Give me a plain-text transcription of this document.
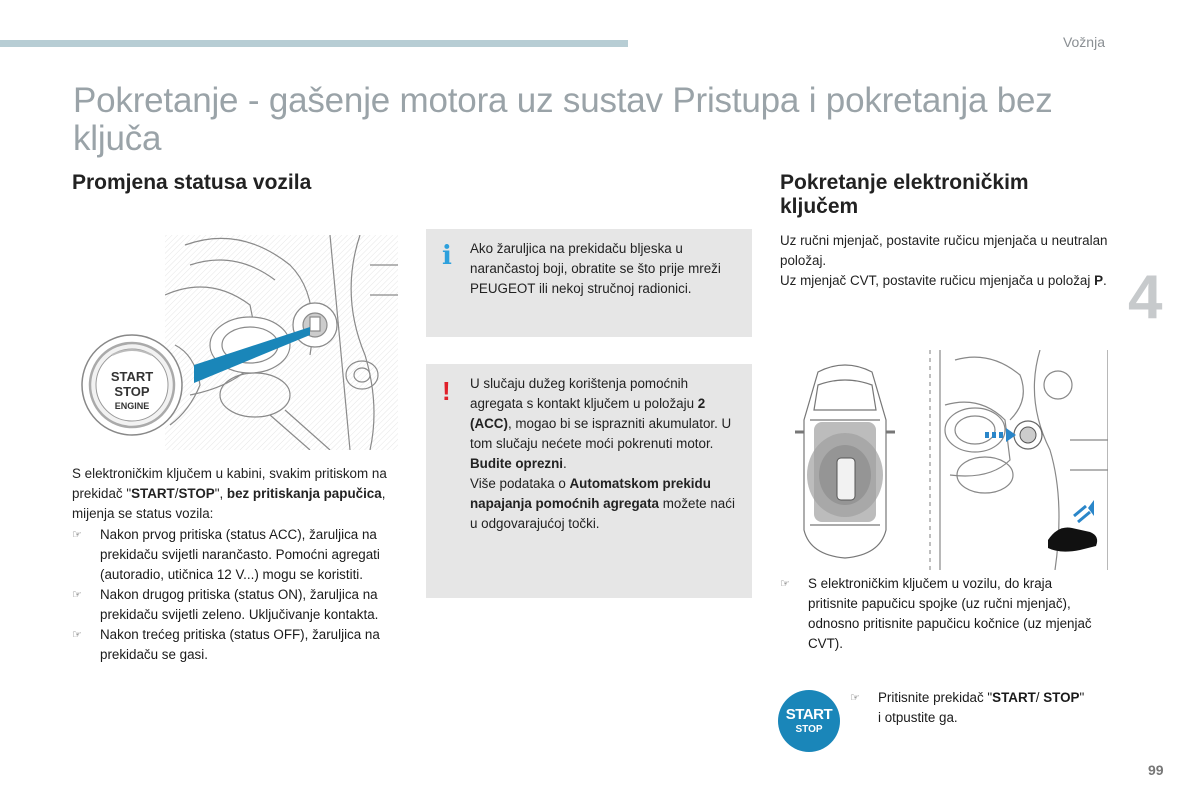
Vožnja
Pokretanje - gašenje motora uz sustav Pristupa i pokretanja bez ključa
4
Promjena statusa vozila
START
STOP
ENGINE

S elektroničkim ključem u kabini, svakim pritiskom na prekidač "START/STOP", bez pritiskanja papučica, mijenja se status vozila:

☞	Nakon prvog pritiska (status ACC), žaruljica na prekidaču svijetli narančasto. Pomoćni agregati (autoradio, utičnica 12 V...) mogu se koristiti.
☞	Nakon drugog pritiska (status ON), žaruljica na prekidaču svijetli zeleno. Uključivanje kontakta.
☞	Nakon trećeg pritiska (status OFF), žaruljica na prekidaču se gasi.
i Ako žaruljica na prekidaču bljeska u narančastoj boji, obratite se što prije mreži PEUGEOT ili nekoj stručnoj radionici.

! U slučaju dužeg korištenja pomoćnih agregata s kontakt ključem u položaju 2 (ACC), mogao bi se isprazniti akumulator. U tom slučaju nećete moći pokrenuti motor. Budite oprezni.
Više podataka o Automatskom prekidu napajanja pomoćnih agregata možete naći u odgovarajućoj točki.

Pokretanje elektroničkim ključem

Uz ručni mjenjač, postavite ručicu mjenjača u neutralan položaj.
Uz mjenjač CVT, postavite ručicu mjenjača u položaj P.

☞	S elektroničkim ključem u vozilu, do kraja pritisnite papučicu spojke (uz ručni mjenjač), odnosno pritisnite papučicu kočnice (uz mjenjač CVT).
START
STOP
☞	Pritisnite prekidač "START/ STOP" i otpustite ga.
99
